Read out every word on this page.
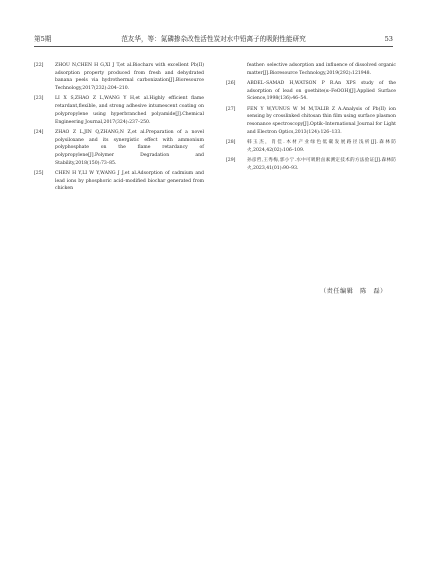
第5期	范友华，等：氮磷掺杂改性活性炭对水中铅离子的吸附性能研究	53
[22]	ZHOU N,CHEN H G,XI J T,et al.Biochars with excellent Pb(II) adsorption property produced from fresh and dehydrated banana peels via hydrothermal carbonization[J].Bioresource Technology,2017(232):204–210.
[23]	LI X S,ZHAO Z L,WANG Y H,et al.Highly efficient flame retardant,flexible, and strong adhesive intumescent coating on polypropylene using hyperbranched polyamide[J].Chemical Engineering Journal,2017(324):237–250.
[24]	ZHAO Z L,JIN Q,ZHANG,N Z,et al.Preparation of a novel polysiloxane and its synergistic effect with ammonium polyphosphate on the flame retardancy of polypropylene[J].Polymer Degradation and Stability,2018(150):73–85.
[25]	CHEN H Y,LI W Y,WANG J J,et al.Adsorption of cadmium and lead ions by phosphoric acid–modified biochar generated from chicken
feather: selective adsorption and influence of dissolved organic matter[J].Bioresource Technology,2019(292):121948.
[26]	ABDEL–SAMAD H,WATSON P R.An XPS study of the adsorption of lead on goethite(α–FeOOH)[J].Applied Surface Science,1998(136):46–54.
[27]	FEN Y W,YUNUS W M M,TALIB Z A.Analysis of Pb(II) ion sensing by crosslinked chitosan thin film using surface plasmon resonance spectroscopy[J].Optik–International Journal for Light and Electron Optics,2013(124):126–133.
[28]	韩玉杰，肖佳.木材产业绿色低碳发展路径浅析[J].森林防火,2024,42(02):106–109.
[29]	孙彦哲,王秀梅,郭小宁.水中可吸附卤素测定技术的方法验证[J].森林防火,2023,41(01):90–93.
（责任编辑　陈　磊）
